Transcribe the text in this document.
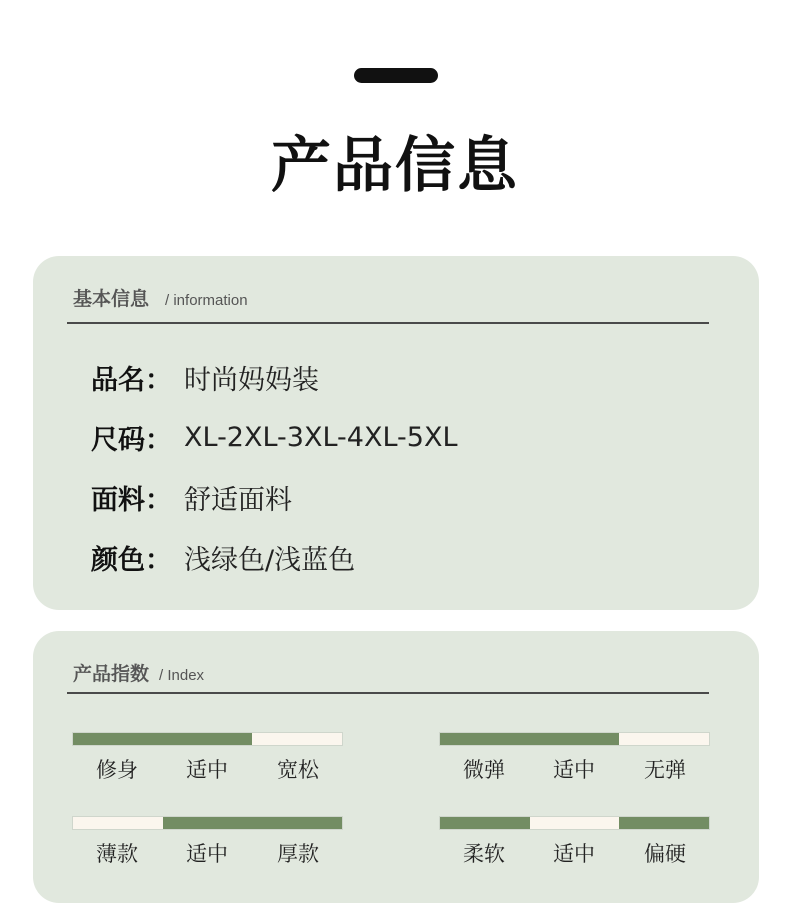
产品信息
基本信息 / information
品名： 时尚妈妈装
尺码： XL-2XL-3XL-4XL-5XL
面料： 舒适面料
颜色： 浅绿色/浅蓝色
产品指数 / Index
修身	适中	宽松	微弹	适中	无弹
薄款	适中	厚款	柔软	适中	偏硬
